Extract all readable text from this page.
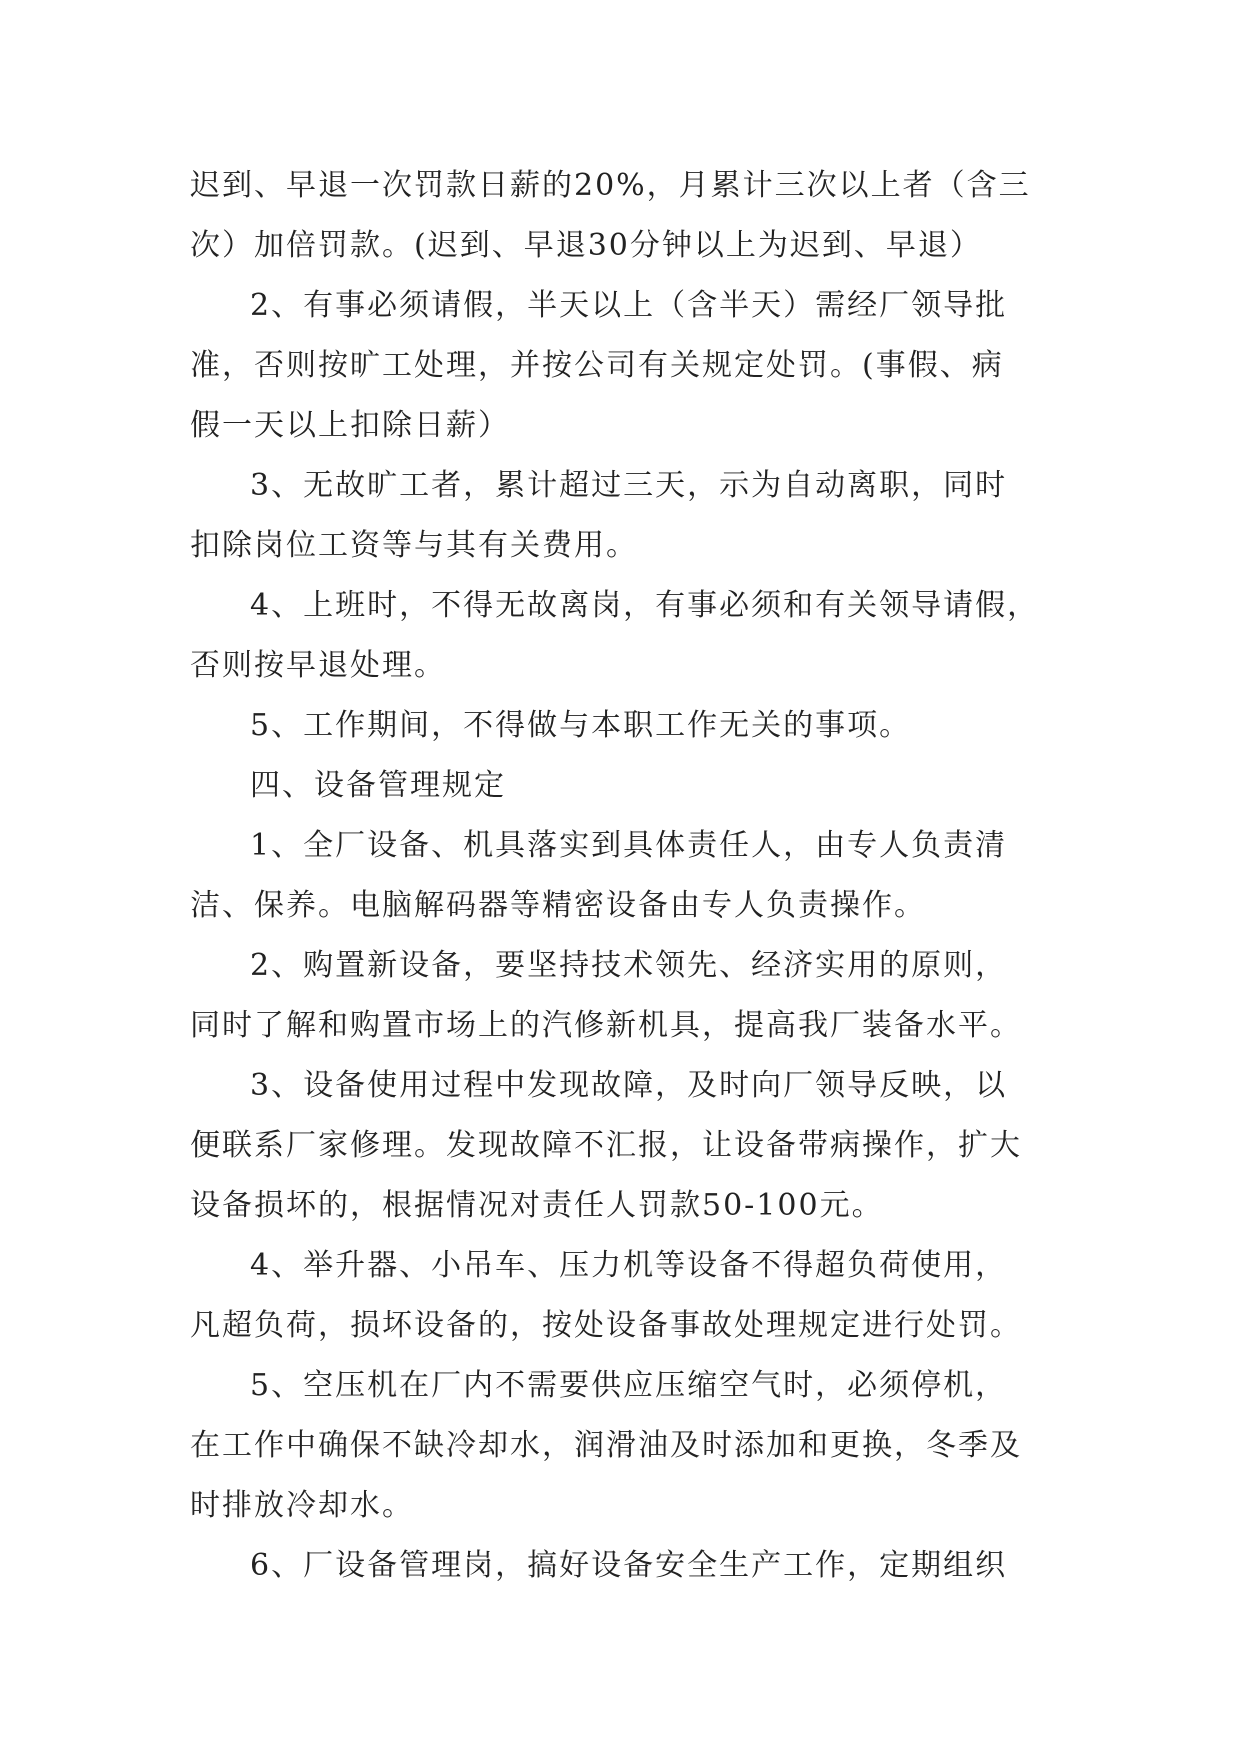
迟到、早退一次罚款日薪的20%，月累计三次以上者（含三
次）加倍罚款。(迟到、早退30分钟以上为迟到、早退）
2、有事必须请假，半天以上（含半天）需经厂领导批
准，否则按旷工处理，并按公司有关规定处罚。(事假、病
假一天以上扣除日薪）
3、无故旷工者，累计超过三天，示为自动离职，同时
扣除岗位工资等与其有关费用。
4、上班时，不得无故离岗，有事必须和有关领导请假，
否则按早退处理。
5、工作期间，不得做与本职工作无关的事项。
四、设备管理规定
1、全厂设备、机具落实到具体责任人，由专人负责清
洁、保养。电脑解码器等精密设备由专人负责操作。
2、购置新设备，要坚持技术领先、经济实用的原则，
同时了解和购置市场上的汽修新机具，提高我厂装备水平。
3、设备使用过程中发现故障，及时向厂领导反映，以
便联系厂家修理。发现故障不汇报，让设备带病操作，扩大
设备损坏的，根据情况对责任人罚款50-100元。
4、举升器、小吊车、压力机等设备不得超负荷使用，
凡超负荷，损坏设备的，按处设备事故处理规定进行处罚。
5、空压机在厂内不需要供应压缩空气时，必须停机，
在工作中确保不缺冷却水，润滑油及时添加和更换，冬季及
时排放冷却水。
6、厂设备管理岗，搞好设备安全生产工作，定期组织
